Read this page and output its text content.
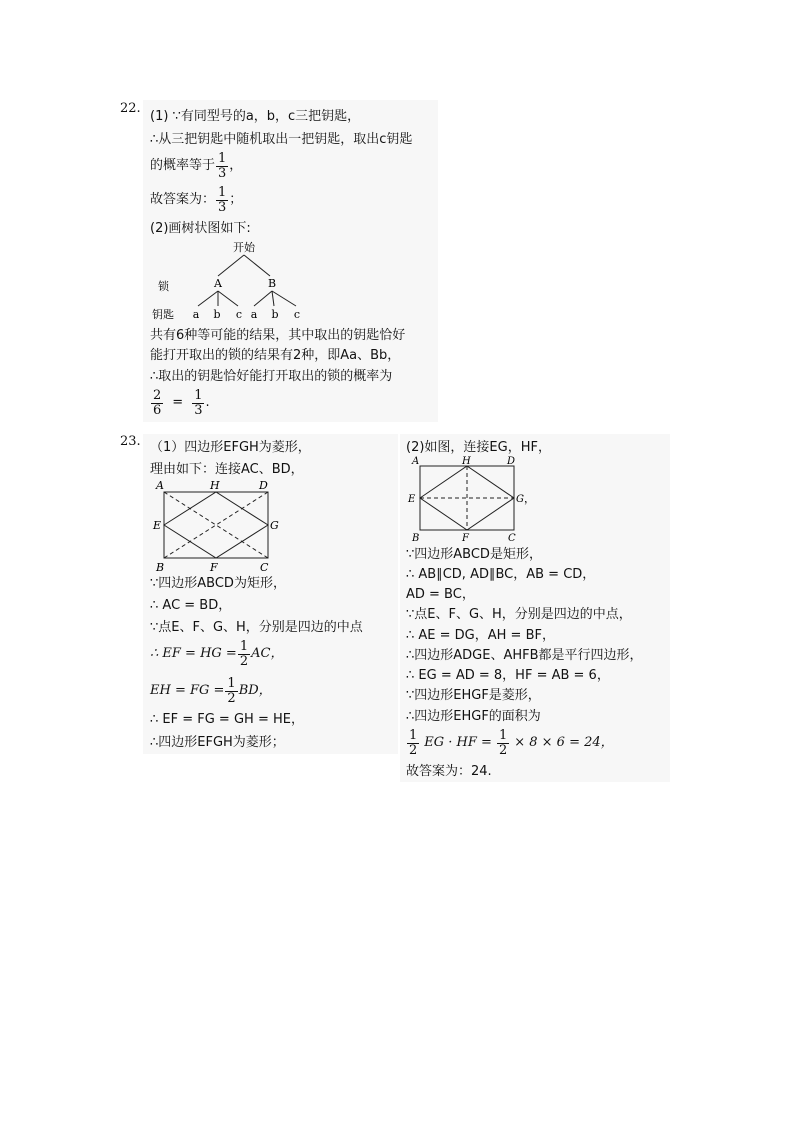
22.
(1) ∵有同型号的a，b，c三把钥匙，
∴从三把钥匙中随机取出一把钥匙，取出c钥匙
的概率等于 $\frac{1}{3}$ ，
故答案为： $\frac{1}{3}$ ；
(2)画树状图如下:
开始
锁	A	B
钥匙 a b c a b c
共有6种等可能的结果，其中取出的钥匙恰好
能打开取出的锁的结果有2种，即Aa、Bb，
∴取出的钥匙恰好能打开取出的锁的概率为
$\frac{2}{6} = \frac{1}{3}$ .
23. （1）四边形EFGH为菱形，
理由如下：连接AC、BD，
A	H	D
E	G
B	F	C
∵四边形ABCD为矩形，
∴ AC = BD，
∵点E、F、G、H，分别是四边的中点
∴ EF = HG = $\frac{1}{2}$ AC，
EH = FG = $\frac{1}{2}$ BD，
∴ EF = FG = GH = HE，
∴四边形EFGH为菱形；
(2)如图，连接EG，HF，
A	H	D
E	G ，
B	F	C
∵四边形ABCD是矩形，
∴ AB∥CD, AD∥BC，AB = CD，
AD = BC，
∵点E、F、G、H，分别是四边的中点，
∴ AE = DG，AH = BF，
∴四边形ADGE、AHFB都是平行四边形，
∴ EG = AD = 8，HF = AB = 6，
∵四边形EHGF是菱形，
∴四边形EHGF的面积为
$\frac{1}{2}$ EG · HF = $\frac{1}{2} \times 8 \times 6 = 24$，
故答案为：24.
